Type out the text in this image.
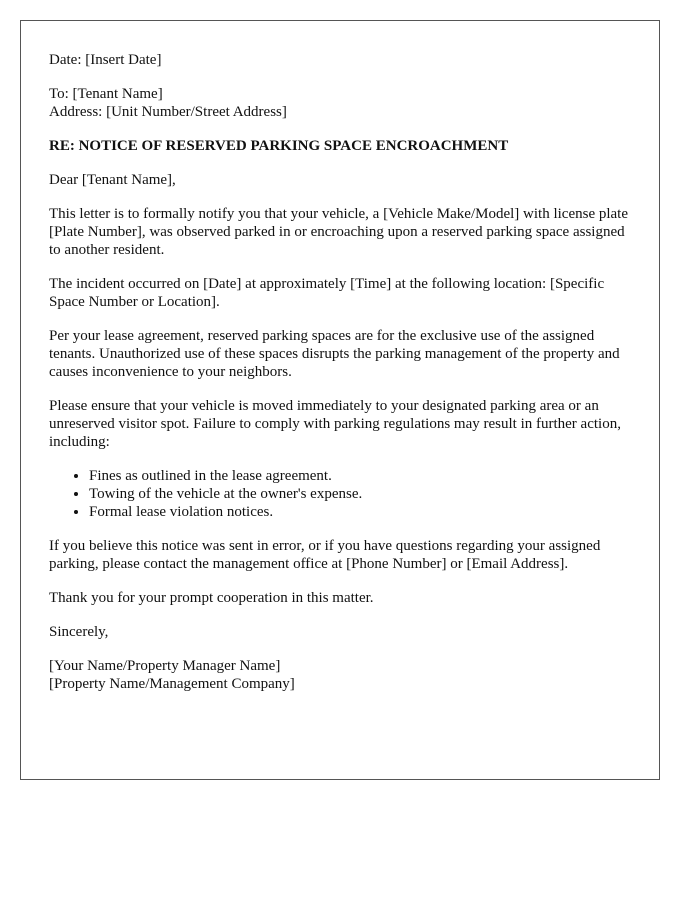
Date: [Insert Date]

To: [Tenant Name]
Address: [Unit Number/Street Address]

RE: NOTICE OF RESERVED PARKING SPACE ENCROACHMENT

Dear [Tenant Name],

This letter is to formally notify you that your vehicle, a [Vehicle Make/Model] with license plate [Plate Number], was observed parked in or encroaching upon a reserved parking space assigned to another resident.

The incident occurred on [Date] at approximately [Time] at the following location: [Specific Space Number or Location].

Per your lease agreement, reserved parking spaces are for the exclusive use of the assigned tenants. Unauthorized use of these spaces disrupts the parking management of the property and causes inconvenience to your neighbors.

Please ensure that your vehicle is moved immediately to your designated parking area or an unreserved visitor spot. Failure to comply with parking regulations may result in further action, including:

• Fines as outlined in the lease agreement.
• Towing of the vehicle at the owner's expense.
• Formal lease violation notices.

If you believe this notice was sent in error, or if you have questions regarding your assigned parking, please contact the management office at [Phone Number] or [Email Address].

Thank you for your prompt cooperation in this matter.

Sincerely,

[Your Name/Property Manager Name]
[Property Name/Management Company]
